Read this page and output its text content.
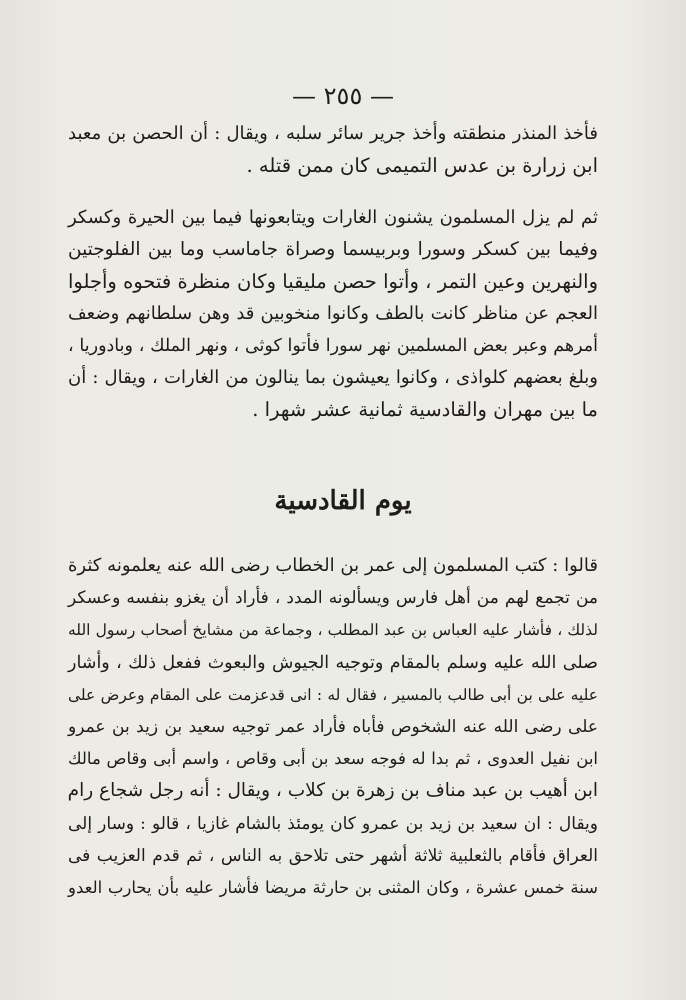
— ٢٥٥ —
فأخذ المنذر منطقته وأخذ جرير سائر سلبه ، ويقال : أن الحصن بن معبد
ابن زرارة بن عدس التميمى كان ممن قتله .
ثم لم يزل المسلمون يشنون الغارات ويتابعونها فيما بين الحيرة وكسكر
وفيما بين كسكر وسورا وبربيسما وصراة جاماسب وما بين الفلوجتين
والنهرين وعين التمر ، وأتوا حصن مليقيا وكان منظرة فتحوه وأجلوا
العجم عن مناظر كانت بالطف وكانوا منخوبين قد وهن سلطانهم وضعف
أمرهم وعبر بعض المسلمين نهر سورا فأتوا كوثى ، ونهر الملك ، وبادوريا ،
وبلغ بعضهم كلواذى ، وكانوا يعيشون بما ينالون من الغارات ، ويقال : أن
ما بين مهران والقادسية ثمانية عشر شهرا .
يوم القادسية
قالوا : كتب المسلمون إلى عمر بن الخطاب رضى الله عنه يعلمونه كثرة
من تجمع لهم من أهل فارس ويسألونه المدد ، فأراد أن يغزو بنفسه وعسكر
لذلك ، فأشار عليه العباس بن عبد المطلب ، وجماعة من مشايخ أصحاب رسول الله
صلى الله عليه وسلم بالمقام وتوجيه الجيوش والبعوث ففعل ذلك ، وأشار
عليه على بن أبى طالب بالمسير ، فقال له : انى قدعزمت على المقام وعرض على
على رضى الله عنه الشخوص فأباه فأراد عمر توجيه سعيد بن زيد بن عمرو
ابن نفيل العدوى ، ثم بدا له فوجه سعد بن أبى وقاص ، واسم أبى وقاص مالك
ابن أهيب بن عبد مناف بن زهرة بن كلاب ، ويقال : أنه رجل شجاع رام
ويقال : ان سعيد بن زيد بن عمرو كان يومئذ بالشام غازيا ، قالو : وسار إلى
العراق فأقام بالثعلبية ثلاثة أشهر حتى تلاحق به الناس ، ثم قدم العزيب فى
سنة خمس عشرة ، وكان المثنى بن حارثة مريضا فأشار عليه بأن يحارب العدو
